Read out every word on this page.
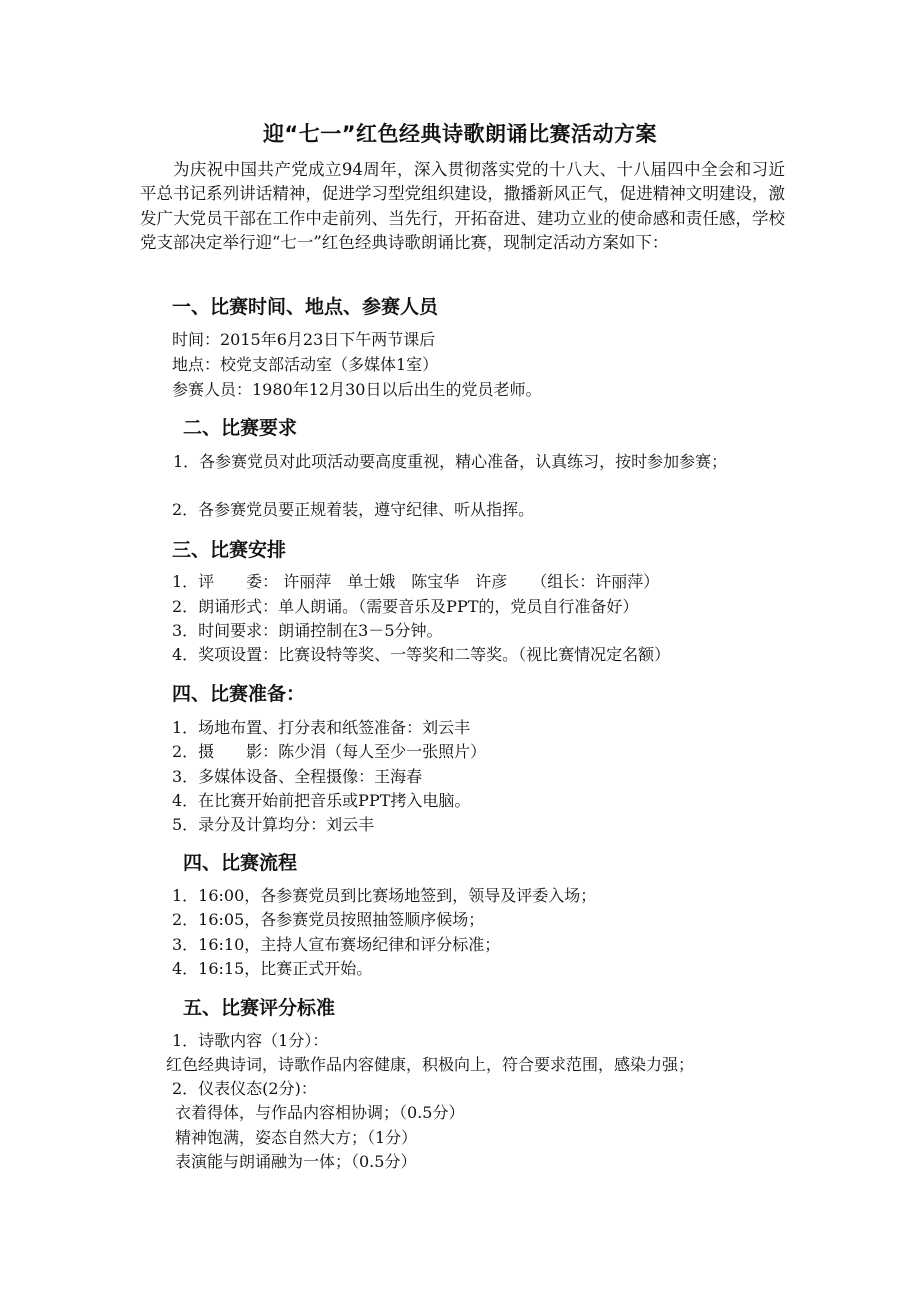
迎“七一”红色经典诗歌朗诵比赛活动方案
为庆祝中国共产党成立94周年，深入贯彻落实党的十八大、十八届四中全会和习近平总书记系列讲话精神，促进学习型党组织建设，撒播新风正气，促进精神文明建设，激发广大党员干部在工作中走前列、当先行，开拓奋进、建功立业的使命感和责任感，学校党支部决定举行迎“七一”红色经典诗歌朗诵比赛，现制定活动方案如下：
一、比赛时间、地点、参赛人员
时间：2015年6月23日下午两节课后
地点：校党支部活动室（多媒体1室）
参赛人员：1980年12月30日以后出生的党员老师。
二、比赛要求
1．各参赛党员对此项活动要高度重视，精心准备，认真练习，按时参加参赛；
2．各参赛党员要正规着装，遵守纪律、听从指挥。
三、比赛安排
1．评　　委： 许丽萍　单士娥　陈宝华　许彦　　（组长：许丽萍）
2．朗诵形式：单人朗诵。（需要音乐及PPT的，党员自行准备好）
3．时间要求：朗诵控制在3－5分钟。
4．奖项设置：比赛设特等奖、一等奖和二等奖。（视比赛情况定名额）
四、比赛准备：
1．场地布置、打分表和纸签准备：刘云丰
2．摄　　影：陈少涓（每人至少一张照片）
3．多媒体设备、全程摄像：王海春
4．在比赛开始前把音乐或PPT拷入电脑。
5．录分及计算均分：刘云丰
四、比赛流程
1．16:00，各参赛党员到比赛场地签到，领导及评委入场；
2．16:05，各参赛党员按照抽签顺序候场；
3．16:10，主持人宣布赛场纪律和评分标准；
4．16:15，比赛正式开始。
五、比赛评分标准
1．诗歌内容（1分）：
红色经典诗词，诗歌作品内容健康，积极向上，符合要求范围，感染力强；
2．仪表仪态(2分)：
衣着得体，与作品内容相协调；（0.5分）
精神饱满，姿态自然大方；（1分）
表演能与朗诵融为一体；（0.5分）
